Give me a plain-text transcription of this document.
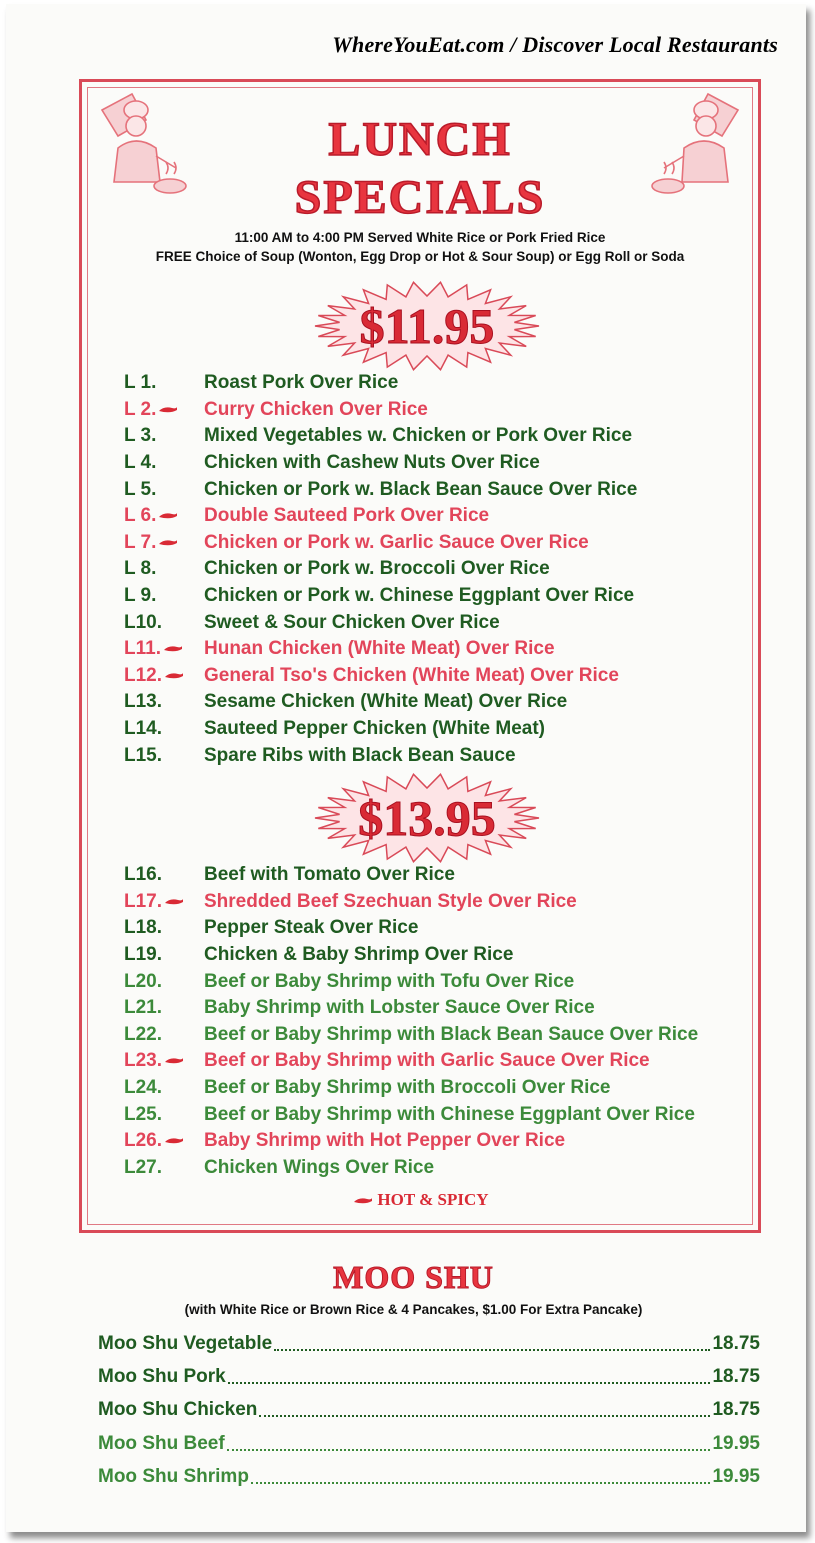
WhereYouEat.com / Discover Local Restaurants
LUNCH
SPECIALS
11:00 AM to 4:00 PM Served White Rice or Pork Fried Rice
FREE Choice of Soup (Wonton, Egg Drop or Hot & Sour Soup) or Egg Roll or Soda
$11.95
L 1.	Roast Pork Over Rice
L 2.	Curry Chicken Over Rice
L 3.	Mixed Vegetables w. Chicken or Pork Over Rice
L 4.	Chicken with Cashew Nuts Over Rice
L 5.	Chicken or Pork w. Black Bean Sauce Over Rice
L 6.	Double Sauteed Pork Over Rice
L 7.	Chicken or Pork w. Garlic Sauce Over Rice
L 8.	Chicken or Pork w. Broccoli Over Rice
L 9.	Chicken or Pork w. Chinese Eggplant Over Rice
L10. Sweet & Sour Chicken Over Rice
L11. Hunan Chicken (White Meat) Over Rice
L12. General Tso's Chicken (White Meat) Over Rice
L13. Sesame Chicken (White Meat) Over Rice
L14. Sauteed Pepper Chicken (White Meat)
L15. Spare Ribs with Black Bean Sauce
$13.95
L16. Beef with Tomato Over Rice
L17. Shredded Beef Szechuan Style Over Rice
L18. Pepper Steak Over Rice
L19. Chicken & Baby Shrimp Over Rice
L20. Beef or Baby Shrimp with Tofu Over Rice
L21. Baby Shrimp with Lobster Sauce Over Rice
L22. Beef or Baby Shrimp with Black Bean Sauce Over Rice
L23. Beef or Baby Shrimp with Garlic Sauce Over Rice
L24. Beef or Baby Shrimp with Broccoli Over Rice
L25. Beef or Baby Shrimp with Chinese Eggplant Over Rice
L26. Baby Shrimp with Hot Pepper Over Rice
L27. Chicken Wings Over Rice
HOT & SPICY
MOO SHU
(with White Rice or Brown Rice & 4 Pancakes, $1.00 For Extra Pancake)
Moo Shu Vegetable	18.75
Moo Shu Pork	18.75
Moo Shu Chicken	18.75
Moo Shu Beef	19.95
Moo Shu Shrimp	19.95
